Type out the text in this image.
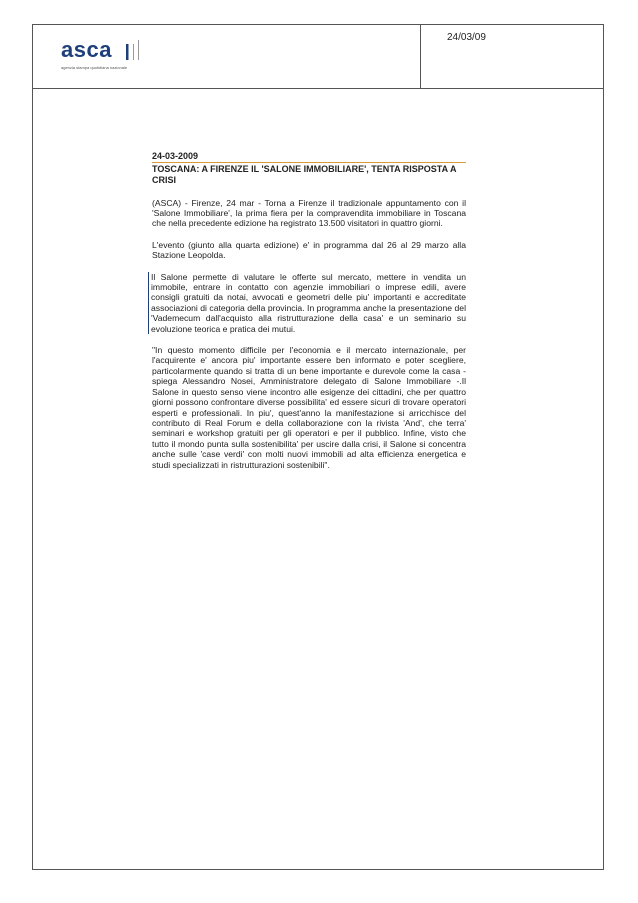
asca
agenzia stampa quotidiana nazionale
24/03/09
24-03-2009
TOSCANA: A FIRENZE IL 'SALONE IMMOBILIARE', TENTA RISPOSTA A CRISI

(ASCA) - Firenze, 24 mar - Torna a Firenze il tradizionale appuntamento con il 'Salone Immobiliare', la prima fiera per la compravendita immobiliare in Toscana che nella precedente edizione ha registrato 13.500 visitatori in quattro giorni.

L'evento (giunto alla quarta edizione) e' in programma dal 26 al 29 marzo alla Stazione Leopolda.

Il Salone permette di valutare le offerte sul mercato, mettere in vendita un immobile, entrare in contatto con agenzie immobiliari o imprese edili, avere consigli gratuiti da notai, avvocati e geometri delle piu' importanti e accreditate associazioni di categoria della provincia. In programma anche la presentazione del 'Vademecum dall'acquisto alla ristrutturazione della casa' e un seminario su evoluzione teorica e pratica dei mutui.

"In questo momento difficile per l'economia e il mercato internazionale, per l'acquirente e' ancora piu' importante essere ben informato e poter scegliere, particolarmente quando si tratta di un bene importante e durevole come la casa - spiega Alessandro Nosei, Amministratore delegato di Salone Immobiliare -.Il Salone in questo senso viene incontro alle esigenze dei cittadini, che per quattro giorni possono confrontare diverse possibilita' ed essere sicuri di trovare operatori esperti e professionali. In piu', quest'anno la manifestazione si arricchisce del contributo di Real Forum e della collaborazione con la rivista 'And', che terra' seminari e workshop gratuiti per gli operatori e per il pubblico. Infine, visto che tutto il mondo punta sulla sostenibilita' per uscire dalla crisi, il Salone si concentra anche sulle 'case verdi' con molti nuovi immobili ad alta efficienza energetica e studi specializzati in ristrutturazioni sostenibili".
